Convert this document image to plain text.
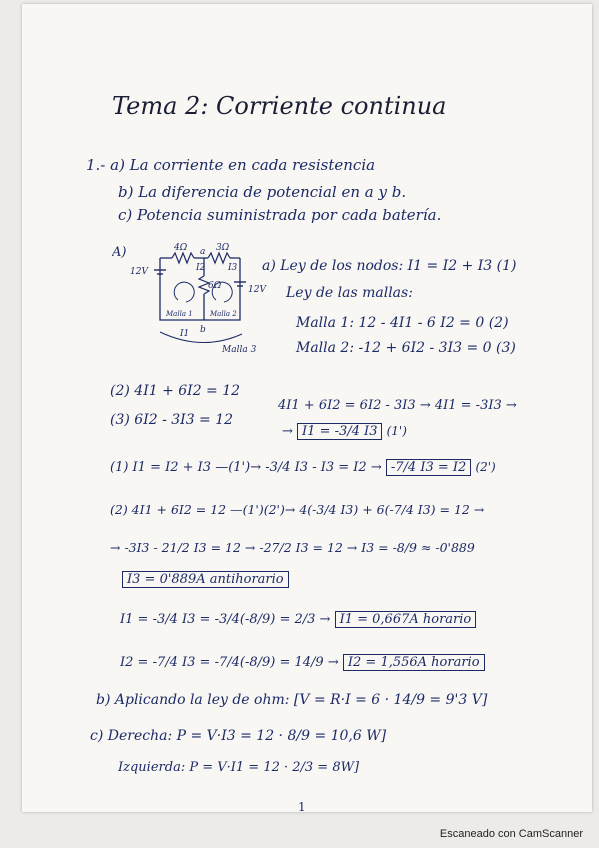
Tema 2: Corriente continua
1.- a) La corriente en cada resistencia
b) La diferencia de potencial en a y b.
c) Potencia suministrada por cada batería.
A)	4Ω a 3Ω
12V
12V
6Ω
Malla 1 Malla 2
Malla 3
b
I1
I2	I3 a) Ley de los nodos: I1 = I2 + I3 (1)
Ley de las mallas:
Malla 1: 12 - 4I1 - 6 I2 = 0 (2)
Malla 2: -12 + 6I2 - 3I3 = 0 (3)
(2) 4I1 + 6I2 = 12
(3) 6I2 - 3I3 = 12
4I1 + 6I2 = 6I2 - 3I3 → 4I1 = -3I3 →
→ I1 = -3/4 I3 (1')
(1) I1 = I2 + I3 —(1')→ -3/4 I3 - I3 = I2 → -7/4 I3 = I2 (2')
(2) 4I1 + 6I2 = 12 —(1')(2')→ 4(-3/4 I3) + 6(-7/4 I3) = 12 →
→ -3I3 - 21/2 I3 = 12 → -27/2 I3 = 12 → I3 = -8/9 ≈ -0'889
I3 = 0'889A antihorario
I1 = -3/4 I3 = -3/4(-8/9) = 2/3 → I1 = 0,667A horario
I2 = -7/4 I3 = -7/4(-8/9) = 14/9 → I2 = 1,556A horario
b) Aplicando la ley de ohm: [V = R·I = 6 · 14/9 = 9'3 V]
c) Derecha: P = V·I3 = 12 · 8/9 = 10,6 W]
Izquierda: P = V·I1 = 12 · 2/3 = 8W]
1
Escaneado con CamScanner
